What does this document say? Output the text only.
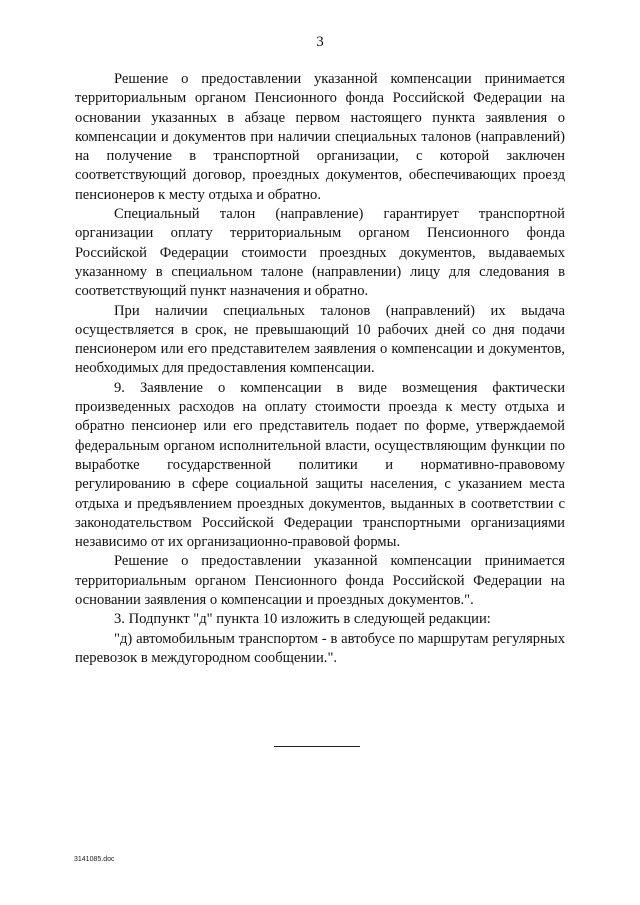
3

Решение о предоставлении указанной компенсации принимается территориальным органом Пенсионного фонда Российской Федерации на основании указанных в абзаце первом настоящего пункта заявления о компенсации и документов при наличии специальных талонов (направлений) на получение в транспортной организации, с которой заключен соответствующий договор, проездных документов, обеспечивающих проезд пенсионеров к месту отдыха и обратно.

Специальный талон (направление) гарантирует транспортной организации оплату территориальным органом Пенсионного фонда Российской Федерации стоимости проездных документов, выдаваемых указанному в специальном талоне (направлении) лицу для следования в соответствующий пункт назначения и обратно.

При наличии специальных талонов (направлений) их выдача осуществляется в срок, не превышающий 10 рабочих дней со дня подачи пенсионером или его представителем заявления о компенсации и документов, необходимых для предоставления компенсации.

9. Заявление о компенсации в виде возмещения фактически произведенных расходов на оплату стоимости проезда к месту отдыха и обратно пенсионер или его представитель подает по форме, утверждаемой федеральным органом исполнительной власти, осуществляющим функции по выработке государственной политики и нормативно-правовому регулированию в сфере социальной защиты населения, с указанием места отдыха и предъявлением проездных документов, выданных в соответствии с законодательством Российской Федерации транспортными организациями независимо от их организационно-правовой формы.

Решение о предоставлении указанной компенсации принимается территориальным органом Пенсионного фонда Российской Федерации на основании заявления о компенсации и проездных документов.".

3. Подпункт "д" пункта 10 изложить в следующей редакции:

"д) автомобильным транспортом - в автобусе по маршрутам регулярных перевозок в междугородном сообщении.".

3141085.doc
